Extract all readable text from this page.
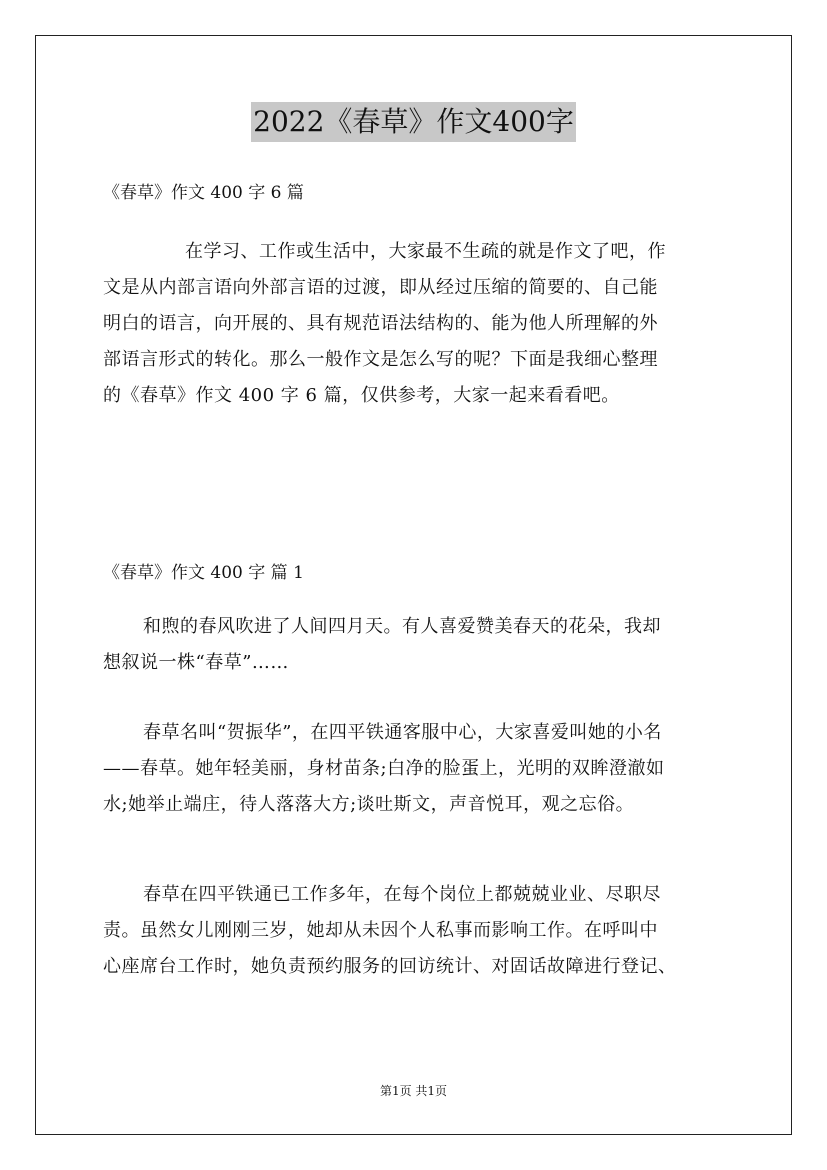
2022《春草》作文400字
《春草》作文 400 字 6 篇
在学习、工作或生活中，大家最不生疏的就是作文了吧，作
文是从内部言语向外部言语的过渡，即从经过压缩的简要的、自己能
明白的语言，向开展的、具有规范语法结构的、能为他人所理解的外
部语言形式的转化。那么一般作文是怎么写的呢？下面是我细心整理
的《春草》作文 400 字 6 篇，仅供参考，大家一起来看看吧。
《春草》作文 400 字 篇 1
和煦的春风吹进了人间四月天。有人喜爱赞美春天的花朵，我却
想叙说一株“春草”……
春草名叫“贺振华”，在四平铁通客服中心，大家喜爱叫她的小名
——春草。她年轻美丽，身材苗条;白净的脸蛋上，光明的双眸澄澈如
水;她举止端庄，待人落落大方;谈吐斯文，声音悦耳，观之忘俗。
春草在四平铁通已工作多年，在每个岗位上都兢兢业业、尽职尽
责。虽然女儿刚刚三岁，她却从未因个人私事而影响工作。在呼叫中
心座席台工作时，她负责预约服务的回访统计、对固话故障进行登记、
第1页 共1页
